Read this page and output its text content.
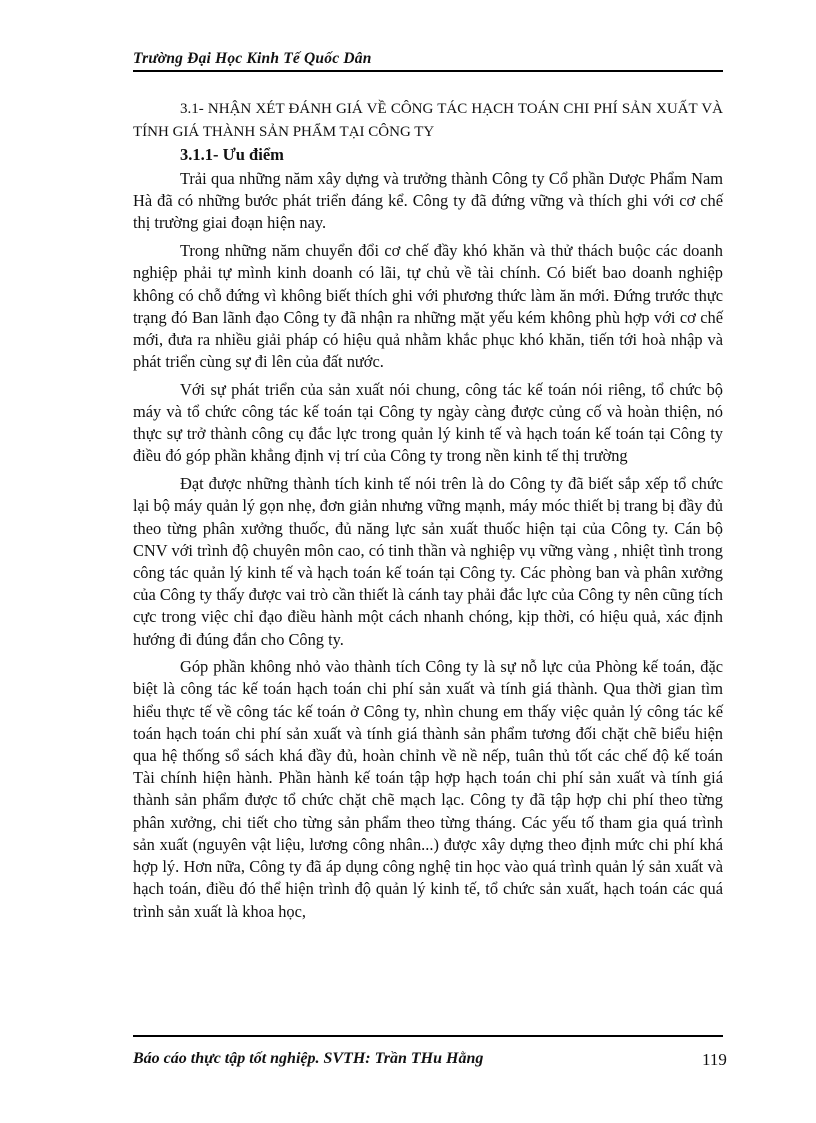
Trường Đại Học Kinh Tế Quốc Dân

3.1- NHẬN XÉT ĐÁNH GIÁ VỀ CÔNG TÁC HẠCH TOÁN CHI PHÍ SẢN XUẤT VÀ TÍNH GIÁ THÀNH SẢN PHẨM TẠI CÔNG TY

3.1.1- Ưu điểm

Trải qua những năm xây dựng và trưởng thành Công ty Cổ phần Dược Phẩm Nam Hà đã có những bước phát triển đáng kể. Công ty đã đứng vững và thích ghi với cơ chế thị trường giai đoạn hiện nay.

Trong những năm chuyển đổi cơ chế đầy khó khăn và thử thách buộc các doanh nghiệp phải tự mình kinh doanh có lãi, tự chủ về tài chính. Có biết bao doanh nghiệp không có chỗ đứng vì không biết thích ghi với phương thức làm ăn mới. Đứng trước thực trạng đó Ban lãnh đạo Công ty đã nhận ra những mặt yếu kém không phù hợp với cơ chế mới, đưa ra nhiều giải pháp có hiệu quả nhằm khắc phục khó khăn, tiến tới hoà nhập và phát triển cùng sự đi lên của đất nước.

Với sự phát triển của sản xuất nói chung, công tác kế toán nói riêng, tổ chức bộ máy và tổ chức công tác kế toán tại Công ty ngày càng được củng cố và hoàn thiện, nó thực sự trở thành công cụ đắc lực trong quản lý kinh tế và hạch toán kế toán tại Công ty điều đó góp phần khẳng định vị trí của Công ty trong nền kinh tế thị trường

Đạt được những thành tích kinh tế nói trên là do Công ty đã biết sắp xếp tổ chức lại bộ máy quản lý gọn nhẹ, đơn giản nhưng vững mạnh, máy móc thiết bị trang bị đầy đủ theo từng phân xưởng thuốc, đủ năng lực sản xuất thuốc hiện tại của Công ty. Cán bộ CNV với trình độ chuyên môn cao, có tinh thần và nghiệp vụ vững vàng , nhiệt tình trong công tác quản lý kinh tế và hạch toán kế toán tại Công ty. Các phòng ban và phân xưởng của Công ty thấy được vai trò cần thiết là cánh tay phải đắc lực của Công ty nên cũng tích cực trong việc chỉ đạo điều hành một cách nhanh chóng, kịp thời, có hiệu quả, xác định hướng đi đúng đắn cho Công ty.

Góp phần không nhỏ vào thành tích Công ty là sự nỗ lực của Phòng kế toán, đặc biệt là công tác kế toán hạch toán chi phí sản xuất và tính giá thành. Qua thời gian tìm hiểu thực tế về công tác kế toán ở Công ty, nhìn chung em thấy việc quản lý công tác kế toán hạch toán chi phí sản xuất và tính giá thành sản phẩm tương đối chặt chẽ biểu hiện qua hệ thống sổ sách khá đầy đủ, hoàn chỉnh về nề nếp, tuân thủ tốt các chế độ kế toán Tài chính hiện hành. Phần hành kế toán tập hợp hạch toán chi phí sản xuất và tính giá thành sản phẩm được tổ chức chặt chẽ mạch lạc. Công ty đã tập hợp chi phí theo từng phân xưởng, chi tiết cho từng sản phẩm theo từng tháng. Các yếu tố tham gia quá trình sản xuất (nguyên vật liệu, lương công nhân...) được xây dựng theo định mức chi phí khá hợp lý. Hơn nữa, Công ty đã áp dụng công nghệ tin học vào quá trình quản lý sản xuất và hạch toán, điều đó thể hiện trình độ quản lý kinh tế, tổ chức sản xuất, hạch toán các quá trình sản xuất là khoa học,

Báo cáo thực tập tốt nghiệp. SVTH: Trần THu Hằng	119
